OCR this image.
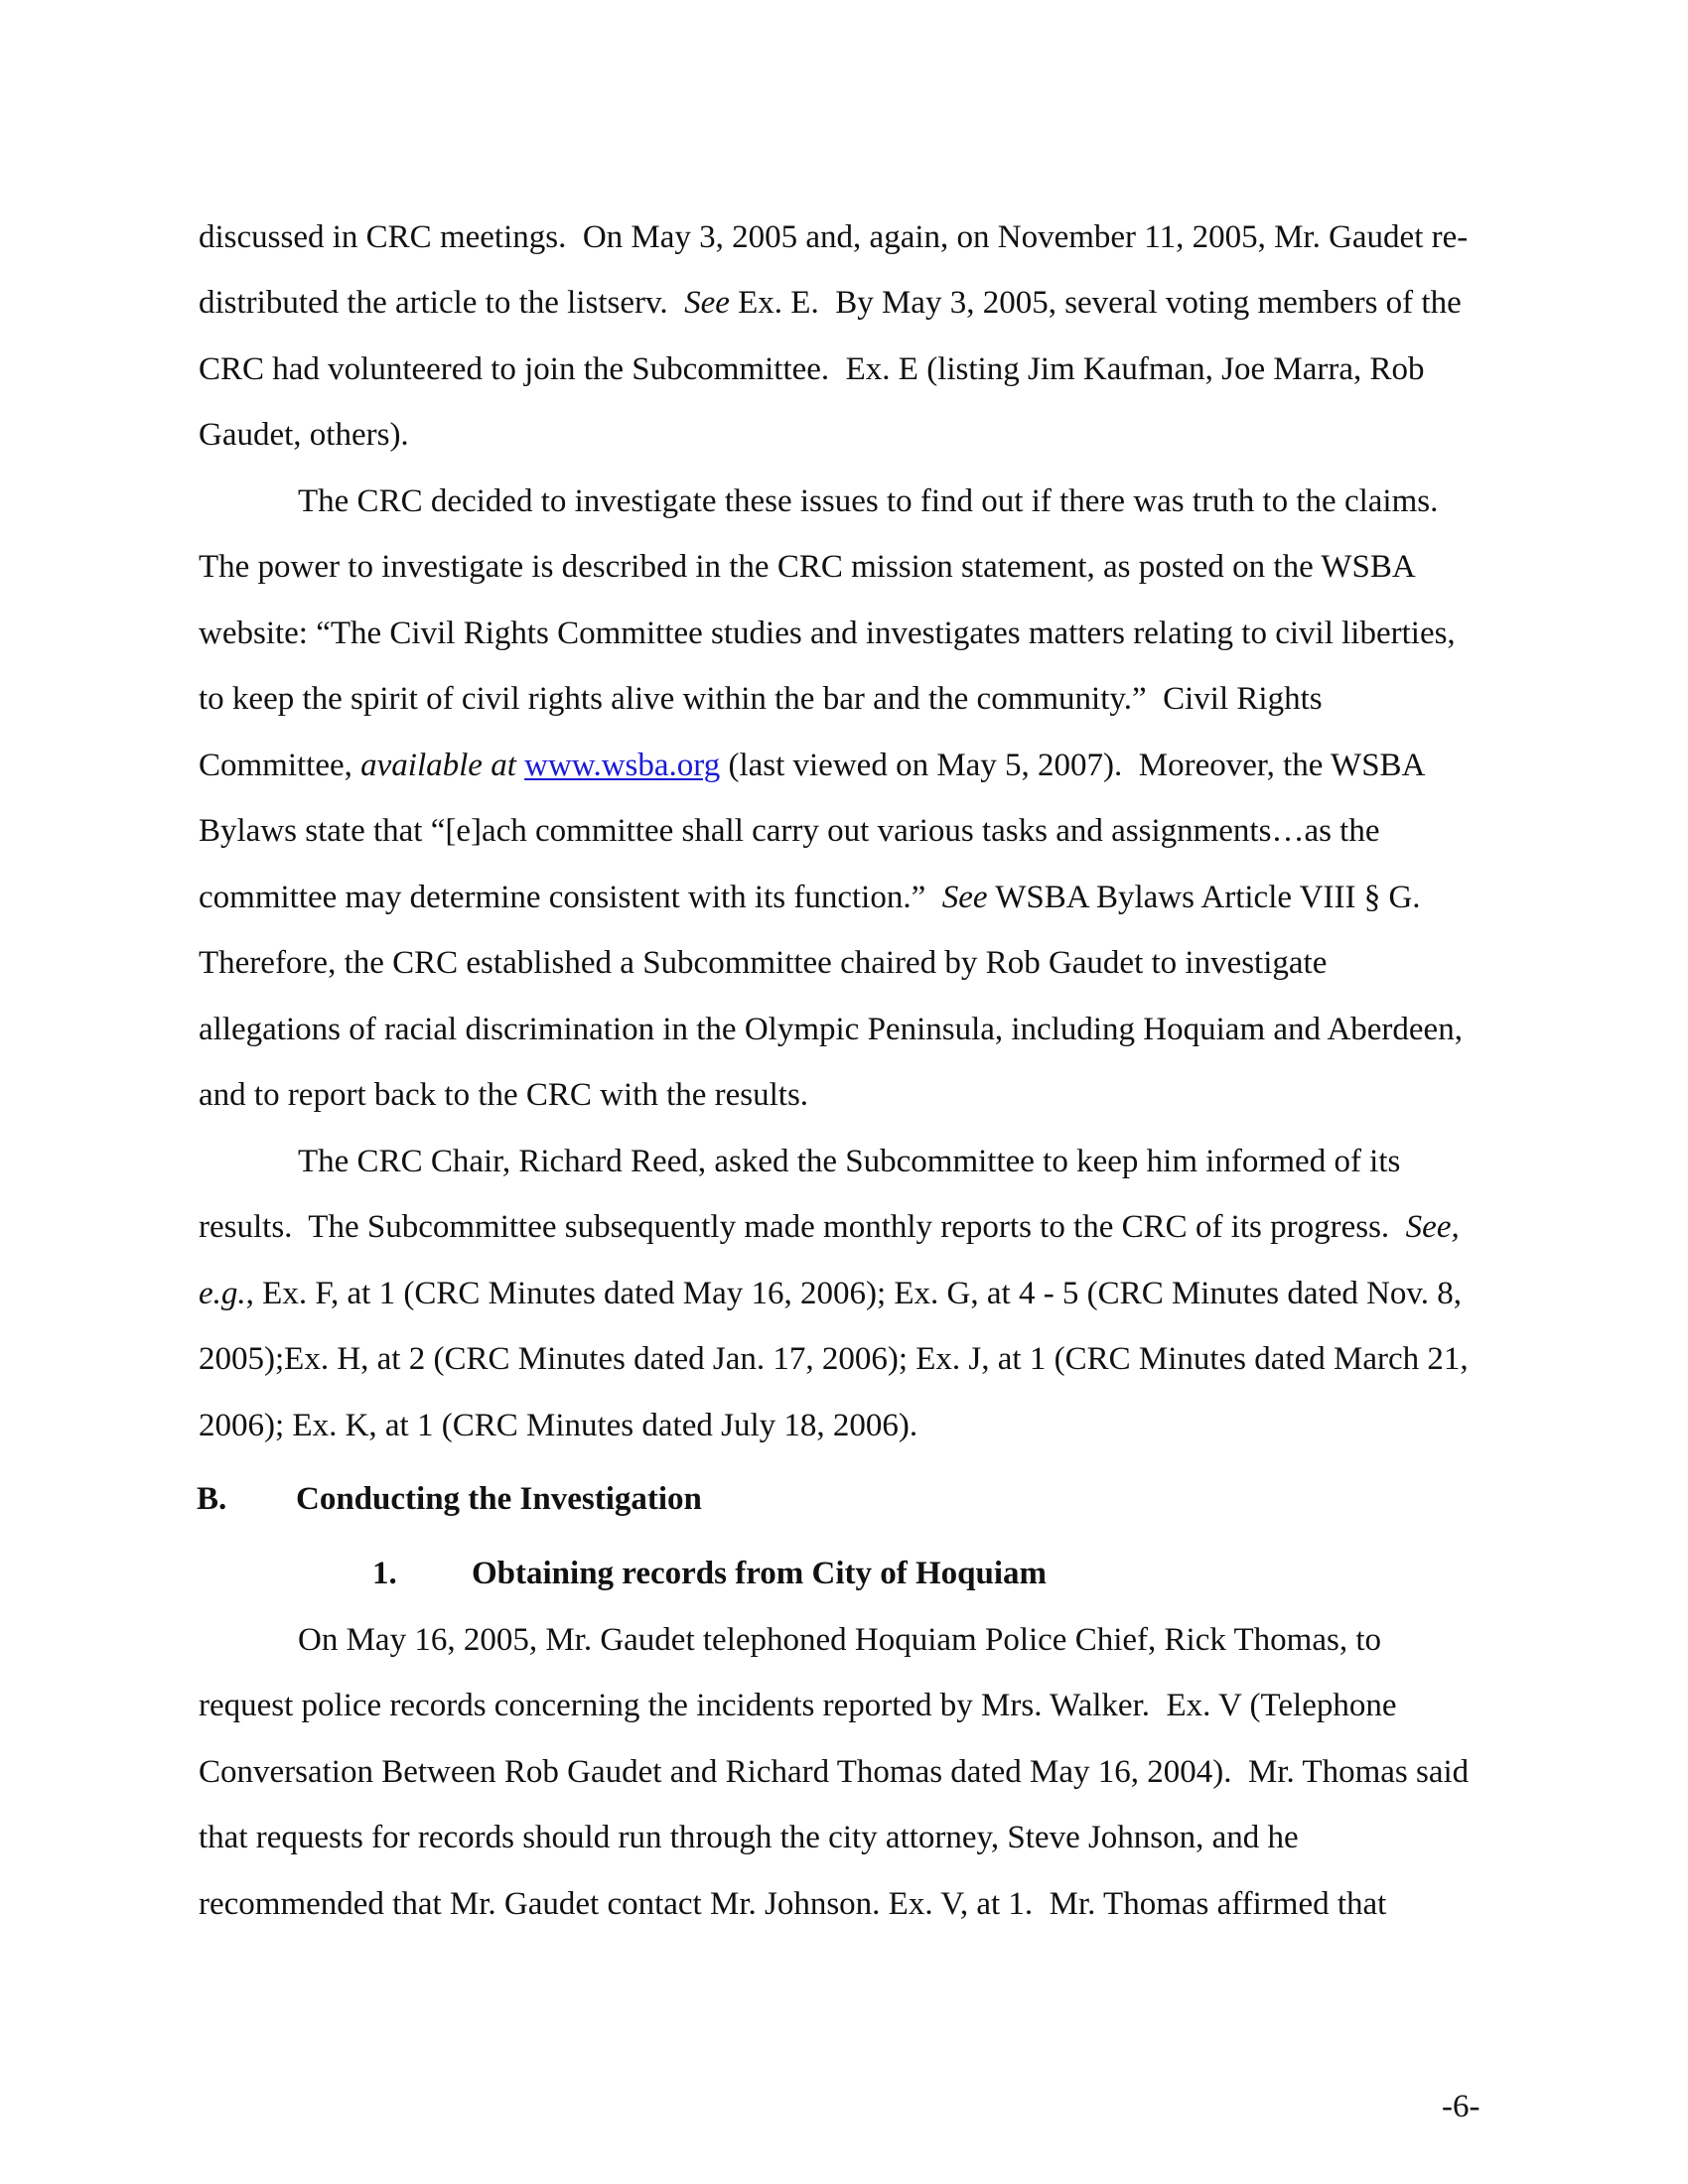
discussed in CRC meetings.  On May 3, 2005 and, again, on November 11, 2005, Mr. Gaudet re-
distributed the article to the listserv.  See Ex. E.  By May 3, 2005, several voting members of the
CRC had volunteered to join the Subcommittee.  Ex. E (listing Jim Kaufman, Joe Marra, Rob
Gaudet, others).
The CRC decided to investigate these issues to find out if there was truth to the claims.
The power to investigate is described in the CRC mission statement, as posted on the WSBA
website: “The Civil Rights Committee studies and investigates matters relating to civil liberties,
to keep the spirit of civil rights alive within the bar and the community.”  Civil Rights
Committee, available at www.wsba.org (last viewed on May 5, 2007).  Moreover, the WSBA
Bylaws state that “[e]ach committee shall carry out various tasks and assignments…as the
committee may determine consistent with its function.”  See WSBA Bylaws Article VIII § G.
Therefore, the CRC established a Subcommittee chaired by Rob Gaudet to investigate
allegations of racial discrimination in the Olympic Peninsula, including Hoquiam and Aberdeen,
and to report back to the CRC with the results.
The CRC Chair, Richard Reed, asked the Subcommittee to keep him informed of its
results.  The Subcommittee subsequently made monthly reports to the CRC of its progress.  See,
e.g., Ex. F, at 1 (CRC Minutes dated May 16, 2006); Ex. G, at 4 - 5 (CRC Minutes dated Nov. 8,
2005);Ex. H, at 2 (CRC Minutes dated Jan. 17, 2006); Ex. J, at 1 (CRC Minutes dated March 21,
2006); Ex. K, at 1 (CRC Minutes dated July 18, 2006).
On May 16, 2005, Mr. Gaudet telephoned Hoquiam Police Chief, Rick Thomas, to
request police records concerning the incidents reported by Mrs. Walker.  Ex. V (Telephone
Conversation Between Rob Gaudet and Richard Thomas dated May 16, 2004).  Mr. Thomas said
that requests for records should run through the city attorney, Steve Johnson, and he
recommended that Mr. Gaudet contact Mr. Johnson. Ex. V, at 1.  Mr. Thomas affirmed that
B. Conducting the Investigation
1. Obtaining records from City of Hoquiam
-6-
